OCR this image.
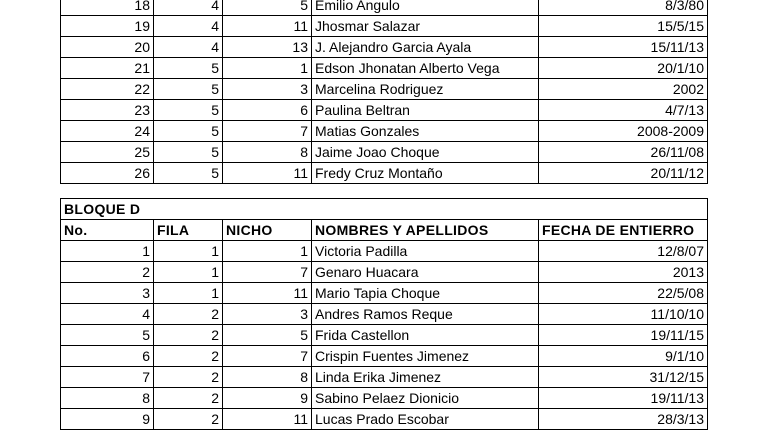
18	4	5	Emilio Angulo	8/3/80
19	4	11	Jhosmar Salazar	15/5/15
20	4	13	J. Alejandro Garcia Ayala	15/11/13
21	5	1	Edson Jhonatan Alberto Vega	20/1/10
22	5	3	Marcelina Rodriguez	2002
23	5	6	Paulina Beltran	4/7/13
24	5	7	Matias Gonzales	2008-2009
25	5	8	Jaime Joao Choque	26/11/08
26	5	11	Fredy Cruz Montaño	20/11/12
BLOQUE D				
No.	FILA	NICHO	NOMBRES Y APELLIDOS	FECHA DE ENTIERRO
1	1	1	Victoria Padilla	12/8/07
2	1	7	Genaro Huacara	2013
3	1	11	Mario Tapia Choque	22/5/08
4	2	3	Andres Ramos Reque	11/10/10
5	2	5	Frida Castellon	19/11/15
6	2	7	Crispin Fuentes Jimenez	9/1/10
7	2	8	Linda Erika Jimenez	31/12/15
8	2	9	Sabino Pelaez Dionicio	19/11/13
9	2	11	Lucas Prado Escobar	28/3/13
